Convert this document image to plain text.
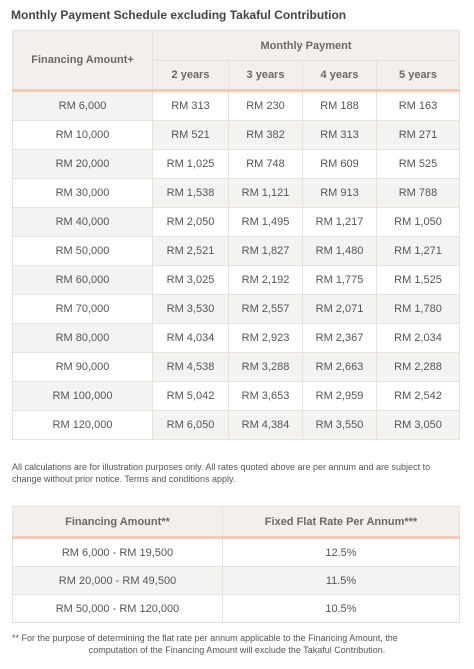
Monthly Payment Schedule excluding Takaful Contribution
Financing Amount+	Monthly Payment			
	2 years	3 years	4 years	5 years
RM 6,000	RM 313	RM 230	RM 188	RM 163
RM 10,000	RM 521	RM 382	RM 313	RM 271
RM 20,000	RM 1,025	RM 748	RM 609	RM 525
RM 30,000	RM 1,538	RM 1,121	RM 913	RM 788
RM 40,000	RM 2,050	RM 1,495	RM 1,217	RM 1,050
RM 50,000	RM 2,521	RM 1,827	RM 1,480	RM 1,271
RM 60,000	RM 3,025	RM 2,192	RM 1,775	RM 1,525
RM 70,000	RM 3,530	RM 2,557	RM 2,071	RM 1,780
RM 80,000	RM 4,034	RM 2,923	RM 2,367	RM 2,034
RM 90,000	RM 4,538	RM 3,288	RM 2,663	RM 2,288
RM 100,000	RM 5,042	RM 3,653	RM 2,959	RM 2,542
RM 120,000	RM 6,050	RM 4,384	RM 3,550	RM 3,050
All calculations are for illustration purposes only. All rates quoted above are per annum and are subject to change without prior notice. Terms and conditions apply.
Financing Amount**	Fixed Flat Rate Per Annum***
RM 6,000 - RM 19,500	12.5%
RM 20,000 - RM 49,500	11.5%
RM 50,000 - RM 120,000	10.5%
** For the purpose of determining the flat rate per annum applicable to the Financing Amount, the
computation of the Financing Amount will exclude the Takaful Contribution.
